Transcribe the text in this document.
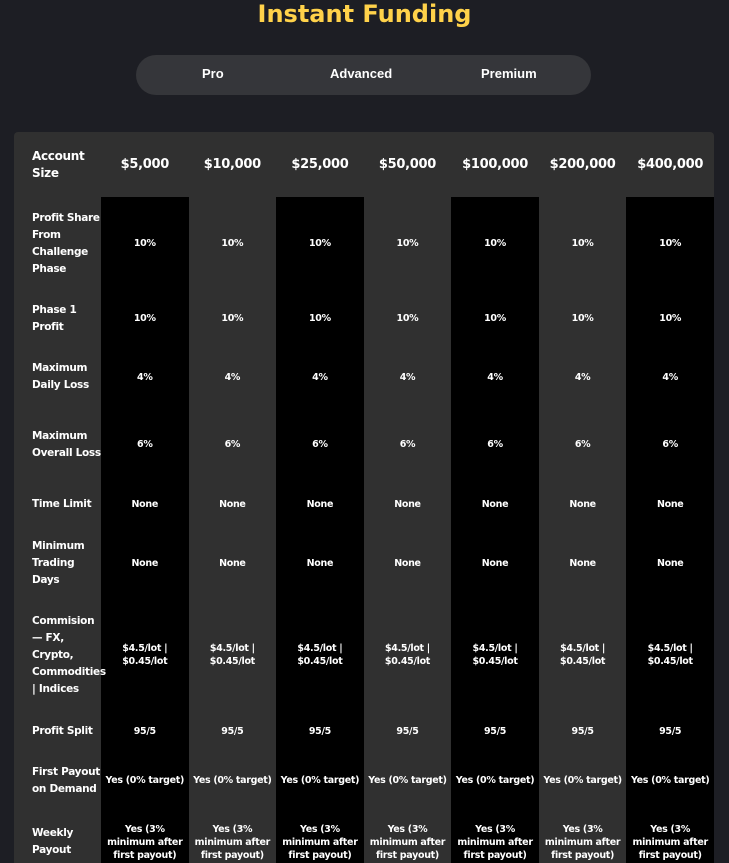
Instant Funding
Pro	Advanced	Premium
Account Size	$5,000	$10,000	$25,000	$50,000	$100,000	$200,000	$400,000
Profit Share From Challenge Phase	10%	10%	10%	10%	10%	10%	10%
Phase 1 Profit	10%	10%	10%	10%	10%	10%	10%
Maximum Daily Loss	4%	4%	4%	4%	4%	4%	4%
Maximum Overall Loss	6%	6%	6%	6%	6%	6%	6%
Time Limit	None	None	None	None	None	None	None
Minimum Trading Days	None	None	None	None	None	None	None
Commision — FX, Crypto, Commodities | Indices	$4.5/lot | $0.45/lot	$4.5/lot | $0.45/lot	$4.5/lot | $0.45/lot	$4.5/lot | $0.45/lot	$4.5/lot | $0.45/lot	$4.5/lot | $0.45/lot	$4.5/lot | $0.45/lot
Profit Split	95/5	95/5	95/5	95/5	95/5	95/5	95/5
First Payout on Demand	Yes (0% target)	Yes (0% target)	Yes (0% target)	Yes (0% target)	Yes (0% target)	Yes (0% target)	Yes (0% target)
Weekly Payout	Yes (3% minimum after first payout)	Yes (3% minimum after first payout)	Yes (3% minimum after first payout)	Yes (3% minimum after first payout)	Yes (3% minimum after first payout)	Yes (3% minimum after first payout)	Yes (3% minimum after first payout)
